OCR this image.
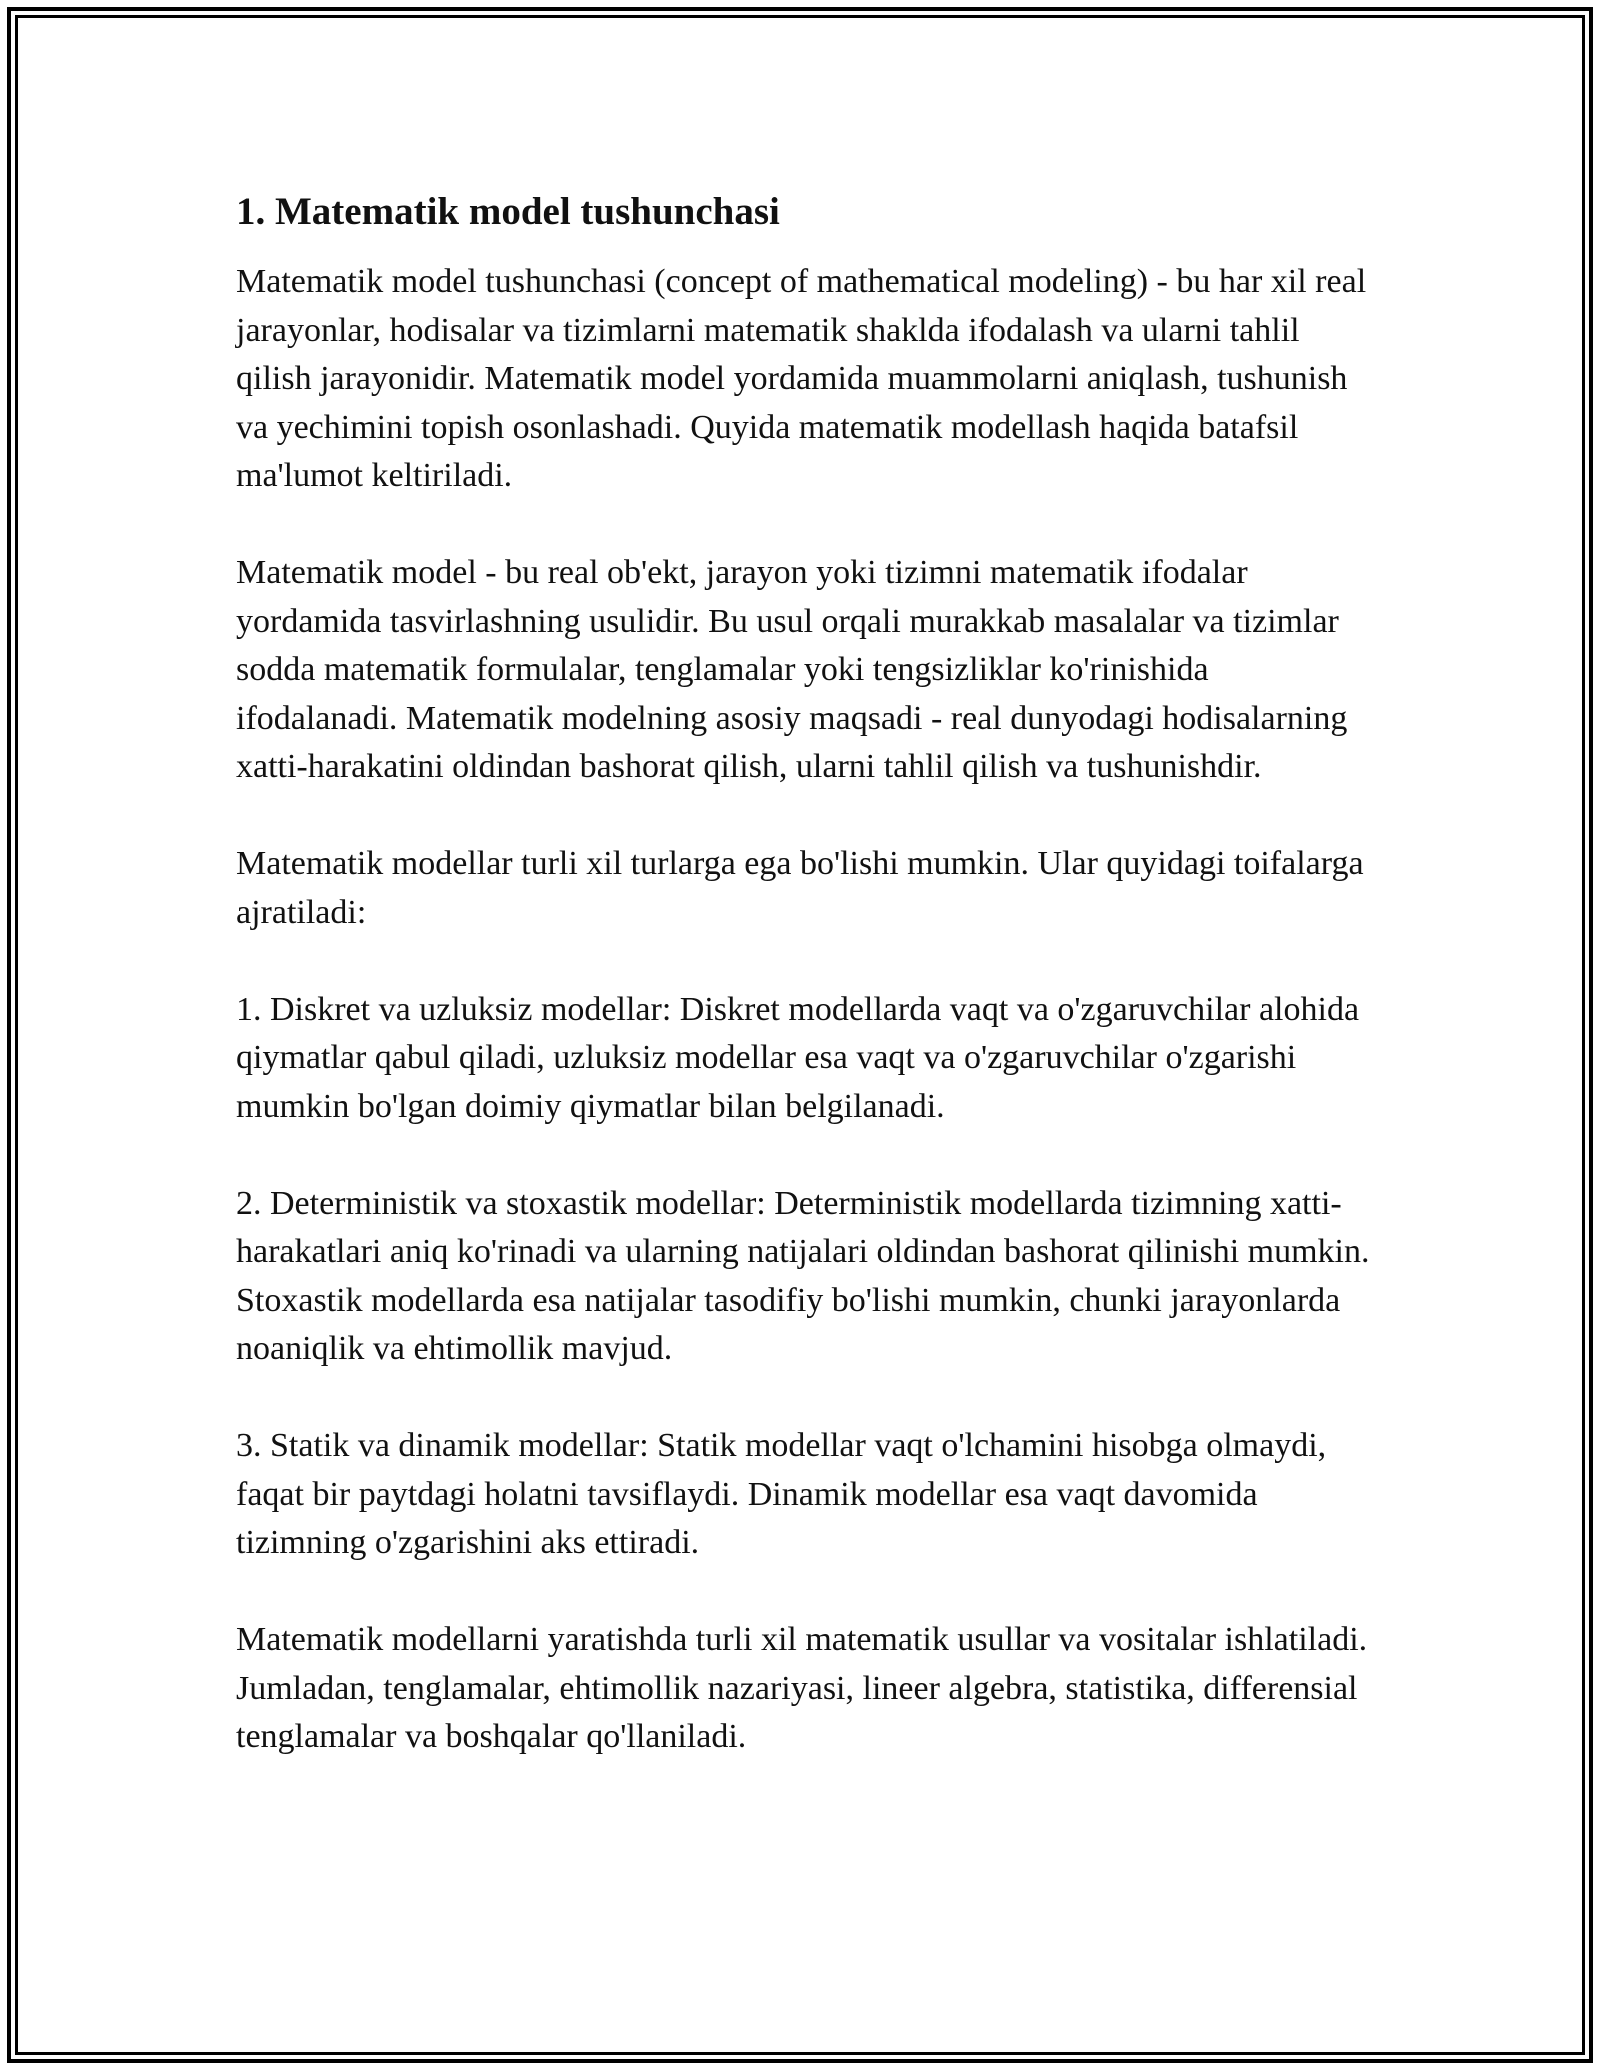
1. Matematik model tushunchasi

Matematik model tushunchasi (concept of mathematical modeling) - bu har xil real jarayonlar, hodisalar va tizimlarni matematik shaklda ifodalash va ularni tahlil qilish jarayonidir. Matematik model yordamida muammolarni aniqlash, tushunish va yechimini topish osonlashadi. Quyida matematik modellash haqida batafsil ma'lumot keltiriladi.

Matematik model - bu real ob'ekt, jarayon yoki tizimni matematik ifodalar yordamida tasvirlashning usulidir. Bu usul orqali murakkab masalalar va tizimlar sodda matematik formulalar, tenglamalar yoki tengsizliklar ko'rinishida ifodalanadi. Matematik modelning asosiy maqsadi - real dunyodagi hodisalarning xatti-harakatini oldindan bashorat qilish, ularni tahlil qilish va tushunishdir.

Matematik modellar turli xil turlarga ega bo'lishi mumkin. Ular quyidagi toifalarga ajratiladi:

1. Diskret va uzluksiz modellar: Diskret modellarda vaqt va o'zgaruvchilar alohida qiymatlar qabul qiladi, uzluksiz modellar esa vaqt va o'zgaruvchilar o'zgarishi mumkin bo'lgan doimiy qiymatlar bilan belgilanadi.

2. Deterministik va stoxastik modellar: Deterministik modellarda tizimning xatti-harakatlari aniq ko'rinadi va ularning natijalari oldindan bashorat qilinishi mumkin. Stoxastik modellarda esa natijalar tasodifiy bo'lishi mumkin, chunki jarayonlarda noaniqlik va ehtimollik mavjud.

3. Statik va dinamik modellar: Statik modellar vaqt o'lchamini hisobga olmaydi, faqat bir paytdagi holatni tavsiflaydi. Dinamik modellar esa vaqt davomida tizimning o'zgarishini aks ettiradi.

Matematik modellarni yaratishda turli xil matematik usullar va vositalar ishlatiladi. Jumladan, tenglamalar, ehtimollik nazariyasi, lineer algebra, statistika, differensial tenglamalar va boshqalar qo'llaniladi.
